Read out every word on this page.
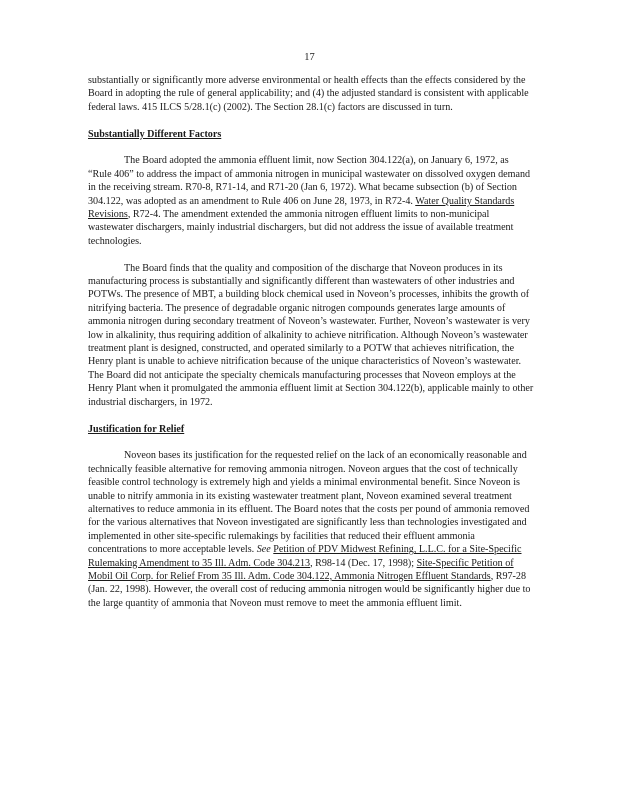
17

substantially or significantly more adverse environmental or health effects than the effects considered by the Board in adopting the rule of general applicability; and (4) the adjusted standard is consistent with applicable federal laws. 415 ILCS 5/28.1(c) (2002). The Section 28.1(c) factors are discussed in turn.

Substantially Different Factors

The Board adopted the ammonia effluent limit, now Section 304.122(a), on January 6, 1972, as “Rule 406” to address the impact of ammonia nitrogen in municipal wastewater on dissolved oxygen demand in the receiving stream. R70-8, R71-14, and R71-20 (Jan 6, 1972). What became subsection (b) of Section 304.122, was adopted as an amendment to Rule 406 on June 28, 1973, in R72-4. Water Quality Standards Revisions, R72-4. The amendment extended the ammonia nitrogen effluent limits to non-municipal wastewater dischargers, mainly industrial dischargers, but did not address the issue of available treatment technologies.

The Board finds that the quality and composition of the discharge that Noveon produces in its manufacturing process is substantially and significantly different than wastewaters of other industries and POTWs. The presence of MBT, a building block chemical used in Noveon’s processes, inhibits the growth of nitrifying bacteria. The presence of degradable organic nitrogen compounds generates large amounts of ammonia nitrogen during secondary treatment of Noveon’s wastewater. Further, Noveon’s wastewater is very low in alkalinity, thus requiring addition of alkalinity to achieve nitrification. Although Noveon’s wastewater treatment plant is designed, constructed, and operated similarly to a POTW that achieves nitrification, the Henry plant is unable to achieve nitrification because of the unique characteristics of Noveon’s wastewater. The Board did not anticipate the specialty chemicals manufacturing processes that Noveon employs at the Henry Plant when it promulgated the ammonia effluent limit at Section 304.122(b), applicable mainly to other industrial dischargers, in 1972.

Justification for Relief

Noveon bases its justification for the requested relief on the lack of an economically reasonable and technically feasible alternative for removing ammonia nitrogen. Noveon argues that the cost of technically feasible control technology is extremely high and yields a minimal environmental benefit. Since Noveon is unable to nitrify ammonia in its existing wastewater treatment plant, Noveon examined several treatment alternatives to reduce ammonia in its effluent. The Board notes that the costs per pound of ammonia removed for the various alternatives that Noveon investigated are significantly less than technologies investigated and implemented in other site-specific rulemakings by facilities that reduced their effluent ammonia concentrations to more acceptable levels. See Petition of PDV Midwest Refining, L.L.C. for a Site-Specific Rulemaking Amendment to 35 Ill. Adm. Code 304.213, R98-14 (Dec. 17, 1998); Site-Specific Petition of Mobil Oil Corp. for Relief From 35 Ill. Adm. Code 304.122, Ammonia Nitrogen Effluent Standards, R97-28 (Jan. 22, 1998). However, the overall cost of reducing ammonia nitrogen would be significantly higher due to the large quantity of ammonia that Noveon must remove to meet the ammonia effluent limit.
